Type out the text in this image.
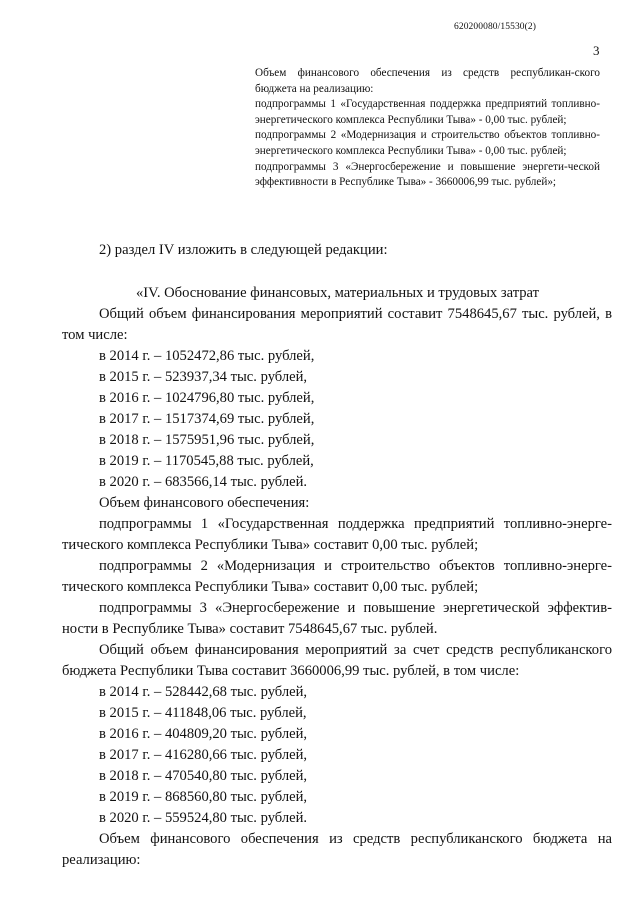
620200080/15530(2)
3

Объем финансового обеспечения из средств республикан-ского бюджета на реализацию:

подпрограммы 1 «Государственная поддержка предприятий топливно-энергетического комплекса Республики Тыва» - 0,00 тыс. рублей;

подпрограммы 2 «Модернизация и строительство объектов топливно-энергетического комплекса Республики Тыва» - 0,00 тыс. рублей;

подпрограммы 3 «Энергосбережение и повышение энергети-ческой эффективности в Республике Тыва» - 3660006,99 тыс. рублей»;

2) раздел IV изложить в следующей редакции:
«IV. Обоснование финансовых, материальных и трудовых затрат

Общий объем финансирования мероприятий составит 7548645,67 тыс. рублей, в том числе:

в 2014 г. – 1052472,86 тыс. рублей,

в 2015 г. – 523937,34 тыс. рублей,

в 2016 г. – 1024796,80 тыс. рублей,

в 2017 г. – 1517374,69 тыс. рублей,

в 2018 г. – 1575951,96 тыс. рублей,

в 2019 г. – 1170545,88 тыс. рублей,

в 2020 г. – 683566,14 тыс. рублей.

Объем финансового обеспечения:

подпрограммы 1 «Государственная поддержка предприятий топливно-энерге-тического комплекса Республики Тыва» составит 0,00 тыс. рублей;

подпрограммы 2 «Модернизация и строительство объектов топливно-энерге-тического комплекса Республики Тыва» составит 0,00 тыс. рублей;

подпрограммы 3 «Энергосбережение и повышение энергетической эффектив-ности в Республике Тыва» составит 7548645,67 тыс. рублей.

Общий объем финансирования мероприятий за счет средств республиканского бюджета Республики Тыва составит 3660006,99 тыс. рублей, в том числе:

в 2014 г. – 528442,68 тыс. рублей,

в 2015 г. – 411848,06 тыс. рублей,

в 2016 г. – 404809,20 тыс. рублей,

в 2017 г. – 416280,66 тыс. рублей,

в 2018 г. – 470540,80 тыс. рублей,

в 2019 г. – 868560,80 тыс. рублей,

в 2020 г. – 559524,80 тыс. рублей.

Объем финансового обеспечения из средств республиканского бюджета на реализацию:
